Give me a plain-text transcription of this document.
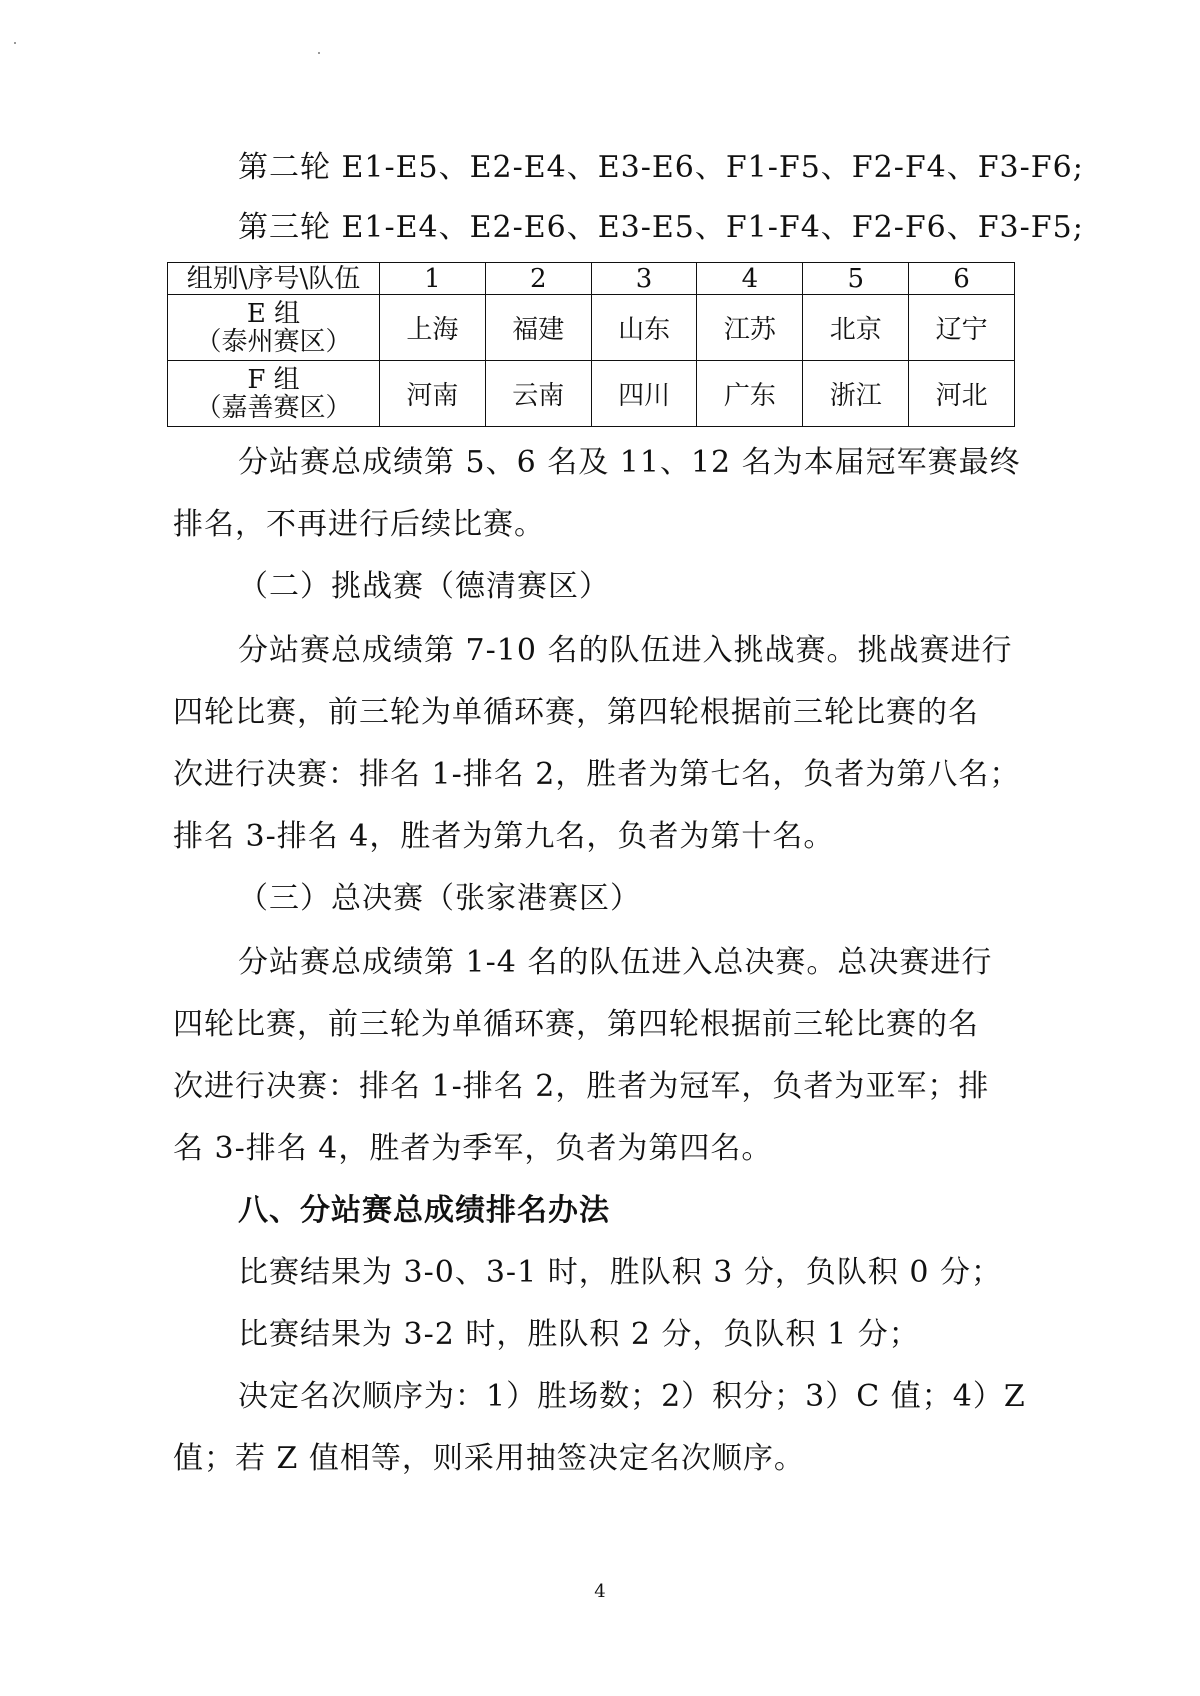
第二轮 E1-E5、E2-E4、E3-E6、F1-F5、F2-F4、F3-F6;
第三轮 E1-E4、E2-E6、E3-E5、F1-F4、F2-F6、F3-F5;
组别\序号\队伍	1	2	3	4	5	6

E 组
（泰州赛区）	上海	福建	山东	江苏	北京	辽宁

F 组
（嘉善赛区）	河南	云南	四川	广东	浙江	河北
分站赛总成绩第 5、6 名及 11、12 名为本届冠军赛最终
排名，不再进行后续比赛。
（二）挑战赛（德清赛区）
分站赛总成绩第 7-10 名的队伍进入挑战赛。挑战赛进行
四轮比赛，前三轮为单循环赛，第四轮根据前三轮比赛的名
次进行决赛：排名 1-排名 2，胜者为第七名，负者为第八名；
排名 3-排名 4，胜者为第九名，负者为第十名。
（三）总决赛（张家港赛区）
分站赛总成绩第 1-4 名的队伍进入总决赛。总决赛进行
四轮比赛，前三轮为单循环赛，第四轮根据前三轮比赛的名
次进行决赛：排名 1-排名 2，胜者为冠军，负者为亚军；排
名 3-排名 4，胜者为季军，负者为第四名。
八、分站赛总成绩排名办法
比赛结果为 3-0、3-1 时，胜队积 3 分，负队积 0 分；
比赛结果为 3-2 时，胜队积 2 分，负队积 1 分；
决定名次顺序为：1）胜场数；2）积分；3）C 值；4）Z
值；若 Z 值相等，则采用抽签决定名次顺序。
4
